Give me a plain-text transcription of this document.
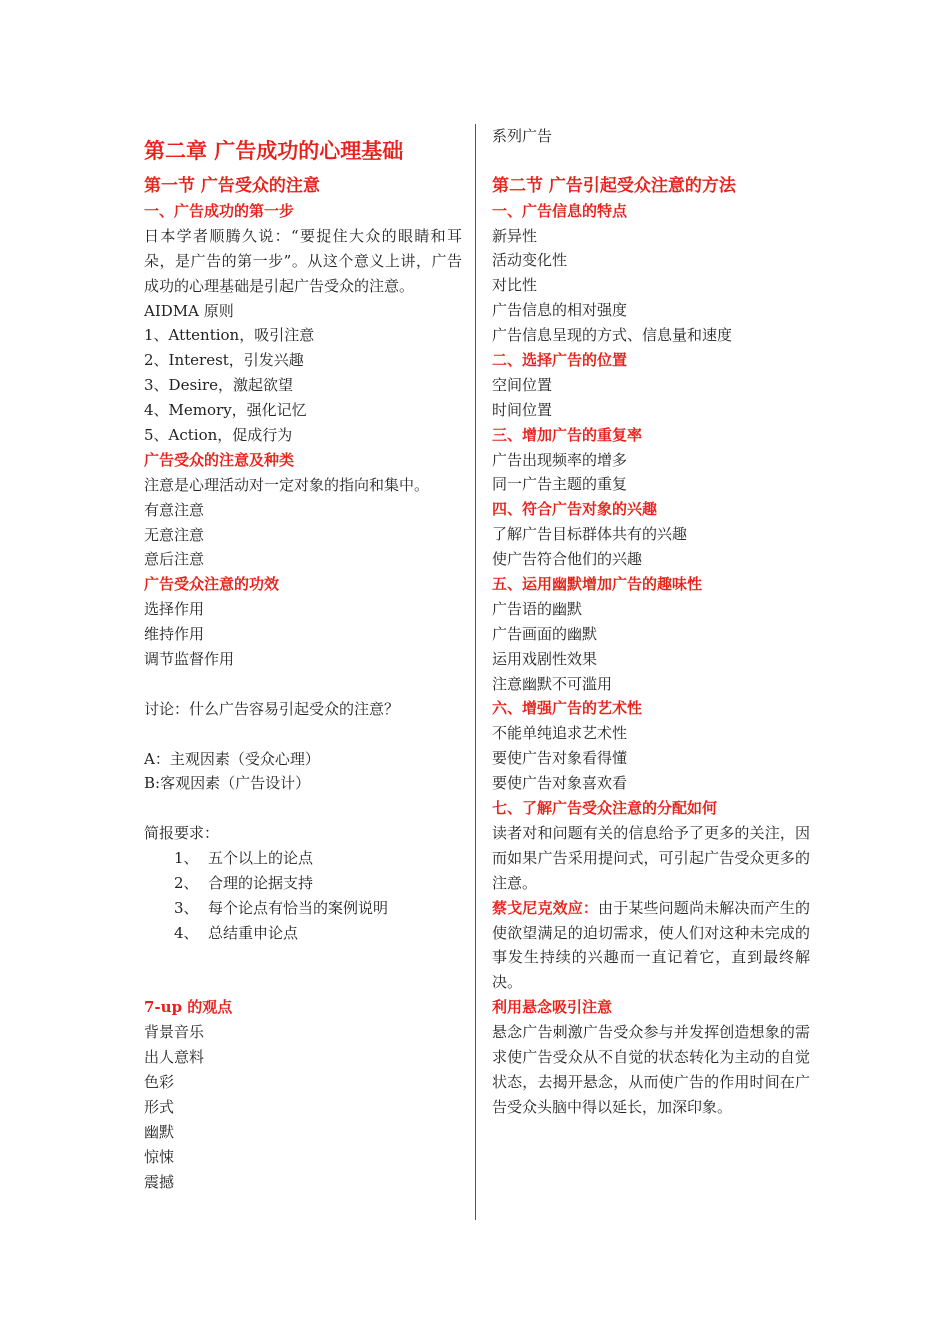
第二章 广告成功的心理基础
第一节 广告受众的注意
一、广告成功的第一步
日本学者顺腾久说：“要捉住大众的眼睛和耳朵，是广告的第一步”。从这个意义上讲，广告成功的心理基础是引起广告受众的注意。
AIDMA 原则
1、Attention，吸引注意
2、Interest，引发兴趣
3、Desire，激起欲望
4、Memory，强化记忆
5、Action，促成行为
广告受众的注意及种类
注意是心理活动对一定对象的指向和集中。
有意注意
无意注意
意后注意
广告受众注意的功效
选择作用
维持作用
调节监督作用
讨论：什么广告容易引起受众的注意？
A：主观因素（受众心理）
B:客观因素（广告设计）
简报要求：
1、 五个以上的论点
2、 合理的论据支持
3、 每个论点有恰当的案例说明
4、 总结重申论点
7-up 的观点
背景音乐
出人意料
色彩
形式
幽默
惊悚
震撼
系列广告
第二节 广告引起受众注意的方法
一、广告信息的特点
新异性
活动变化性
对比性
广告信息的相对强度
广告信息呈现的方式、信息量和速度
二、选择广告的位置
空间位置
时间位置
三、增加广告的重复率
广告出现频率的增多
同一广告主题的重复
四、符合广告对象的兴趣
了解广告目标群体共有的兴趣
使广告符合他们的兴趣
五、运用幽默增加广告的趣味性
广告语的幽默
广告画面的幽默
运用戏剧性效果
注意幽默不可滥用
六、增强广告的艺术性
不能单纯追求艺术性
要使广告对象看得懂
要使广告对象喜欢看
七、了解广告受众注意的分配如何
读者对和问题有关的信息给予了更多的关注，因而如果广告采用提问式，可引起广告受众更多的注意。
蔡戈尼克效应：由于某些问题尚未解决而产生的使欲望满足的迫切需求，使人们对这种未完成的事发生持续的兴趣而一直记着它，直到最终解决。
利用悬念吸引注意
悬念广告刺激广告受众参与并发挥创造想象的需求使广告受众从不自觉的状态转化为主动的自觉状态，去揭开悬念，从而使广告的作用时间在广告受众头脑中得以延长，加深印象。
